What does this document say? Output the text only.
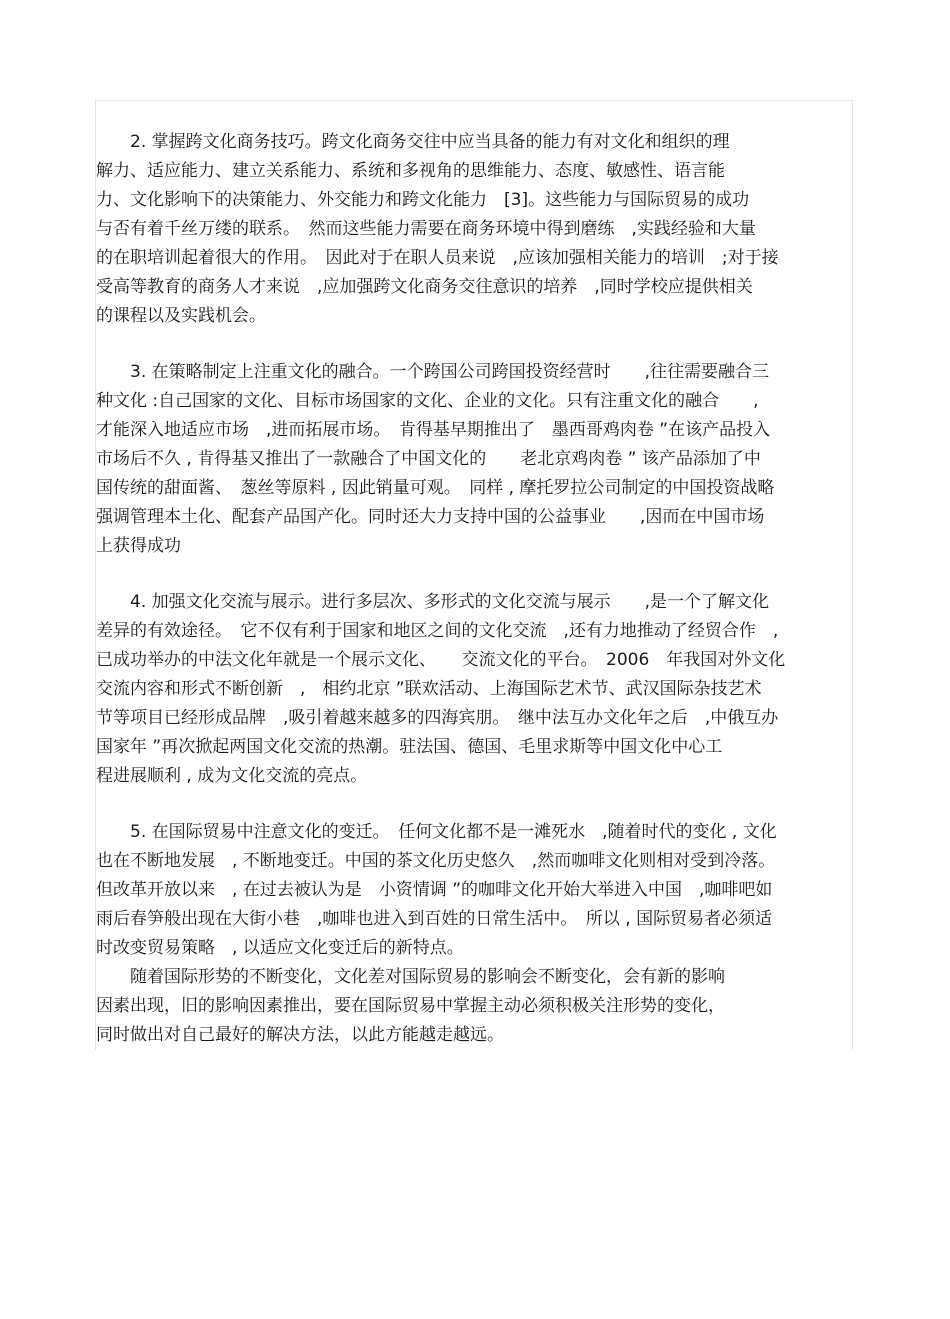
　　2. 掌握跨文化商务技巧。跨文化商务交往中应当具备的能力有对文化和组织的理
解力、适应能力、建立关系能力、系统和多视角的思维能力、态度、敏感性、语言能
力、文化影响下的决策能力、外交能力和跨文化能力　[3]。这些能力与国际贸易的成功
与否有着千丝万缕的联系。　然而这些能力需要在商务环境中得到磨练　,实践经验和大量
的在职培训起着很大的作用。　因此对于在职人员来说　,应该加强相关能力的培训　;对于接
受高等教育的商务人才来说　,应加强跨文化商务交往意识的培养　,同时学校应提供相关
的课程以及实践机会。
　　3. 在策略制定上注重文化的融合。一个跨国公司跨国投资经营时　　,往往需要融合三
种文化 :自己国家的文化、目标市场国家的文化、企业的文化。只有注重文化的融合　　,
才能深入地适应市场　,进而拓展市场。　肯得基早期推出了　墨西哥鸡肉卷 ”在该产品投入
市场后不久 , 肯得基又推出了一款融合了中国文化的　　老北京鸡肉卷 ” 该产品添加了中
国传统的甜面酱、　葱丝等原料 , 因此销量可观。　同样 , 摩托罗拉公司制定的中国投资战略
强调管理本土化、配套产品国产化。同时还大力支持中国的公益事业　　,因而在中国市场
上获得成功
　　4. 加强文化交流与展示。进行多层次、多形式的文化交流与展示　　,是一个了解文化
差异的有效途径。　它不仅有利于国家和地区之间的文化交流　,还有力地推动了经贸合作　,
已成功举办的中法文化年就是一个展示文化、　　交流文化的平台。　2006　年我国对外文化
交流内容和形式不断创新　,　相约北京 ”联欢活动、上海国际艺术节、武汉国际杂技艺术
节等项目已经形成品牌　,吸引着越来越多的四海宾朋。　继中法互办文化年之后　,中俄互办
国家年 ”再次掀起两国文化交流的热潮。驻法国、德国、毛里求斯等中国文化中心工
程进展顺利 , 成为文化交流的亮点。
　　5. 在国际贸易中注意文化的变迁。　任何文化都不是一滩死水　,随着时代的变化 , 文化
也在不断地发展　, 不断地变迁。中国的茶文化历史悠久　,然而咖啡文化则相对受到冷落。
但改革开放以来　, 在过去被认为是　小资情调 ”的咖啡文化开始大举进入中国　,咖啡吧如
雨后春笋般出现在大街小巷　,咖啡也进入到百姓的日常生活中。　所以 , 国际贸易者必须适
时改变贸易策略　, 以适应文化变迁后的新特点。
　　随着国际形势的不断变化，文化差对国际贸易的影响会不断变化，会有新的影响
因素出现，旧的影响因素推出，要在国际贸易中掌握主动必须积极关注形势的变化，
同时做出对自己最好的解决方法，以此方能越走越远。
